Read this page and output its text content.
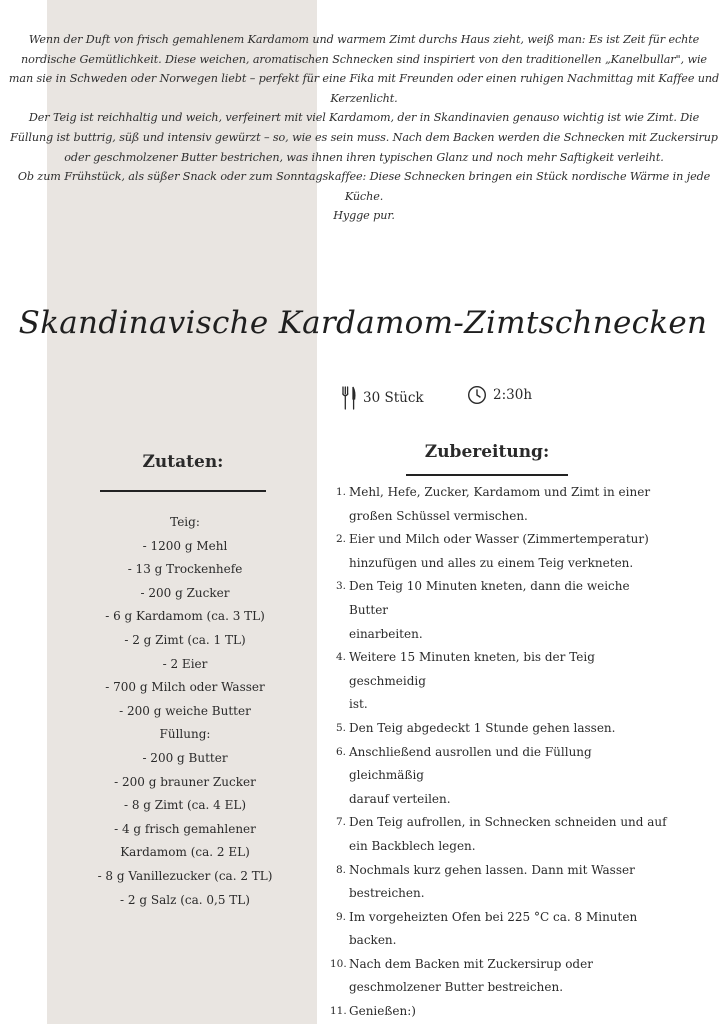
Wenn der Duft von frisch gemahlenem Kardamom und warmem Zimt durchs Haus zieht, weiß man: Es ist Zeit für echte nordische Gemütlichkeit. Diese weichen, aromatischen Schnecken sind inspiriert von den traditionellen „Kanelbullar", wie man sie in Schweden oder Norwegen liebt – perfekt für eine Fika mit Freunden oder einen ruhigen Nachmittag mit Kaffee und Kerzenlicht.

Der Teig ist reichhaltig und weich, verfeinert mit viel Kardamom, der in Skandinavien genauso wichtig ist wie Zimt. Die Füllung ist buttrig, süß und intensiv gewürzt – so, wie es sein muss. Nach dem Backen werden die Schnecken mit Zuckersirup oder geschmolzener Butter bestrichen, was ihnen ihren typischen Glanz und noch mehr Saftigkeit verleiht.

Ob zum Frühstück, als süßer Snack oder zum Sonntagskaffee: Diese Schnecken bringen ein Stück nordische Wärme in jede Küche.

Hygge pur.

Skandinavische Kardamom-Zimtschnecken
30 Stück	2:30h
Zutaten:
Teig:
- 1200 g Mehl
- 13 g Trockenhefe
- 200 g Zucker
- 6 g Kardamom (ca. 3 TL)
- 2 g Zimt (ca. 1 TL)
- 2 Eier
- 700 g Milch oder Wasser
- 200 g weiche Butter
Füllung:
- 200 g Butter
- 200 g brauner Zucker
- 8 g Zimt (ca. 4 EL)
- 4 g frisch gemahlener
Kardamom (ca. 2 EL)
- 8 g Vanillezucker (ca. 2 TL)
- 2 g Salz (ca. 0,5 TL)
Zubereitung:
1. Mehl, Hefe, Zucker, Kardamom und Zimt in einer
großen Schüssel vermischen.
2. Eier und Milch oder Wasser (Zimmertemperatur)
hinzufügen und alles zu einem Teig verkneten.
3. Den Teig 10 Minuten kneten, dann die weiche Butter
einarbeiten.
4. Weitere 15 Minuten kneten, bis der Teig geschmeidig
ist.
5. Den Teig abgedeckt 1 Stunde gehen lassen.
6. Anschließend ausrollen und die Füllung gleichmäßig
darauf verteilen.
7. Den Teig aufrollen, in Schnecken schneiden und auf
ein Backblech legen.
8. Nochmals kurz gehen lassen. Dann mit Wasser
bestreichen.
9. Im vorgeheizten Ofen bei 225 °C ca. 8 Minuten
backen.
10. Nach dem Backen mit Zuckersirup oder
geschmolzener Butter bestreichen.
11. Genießen:)
